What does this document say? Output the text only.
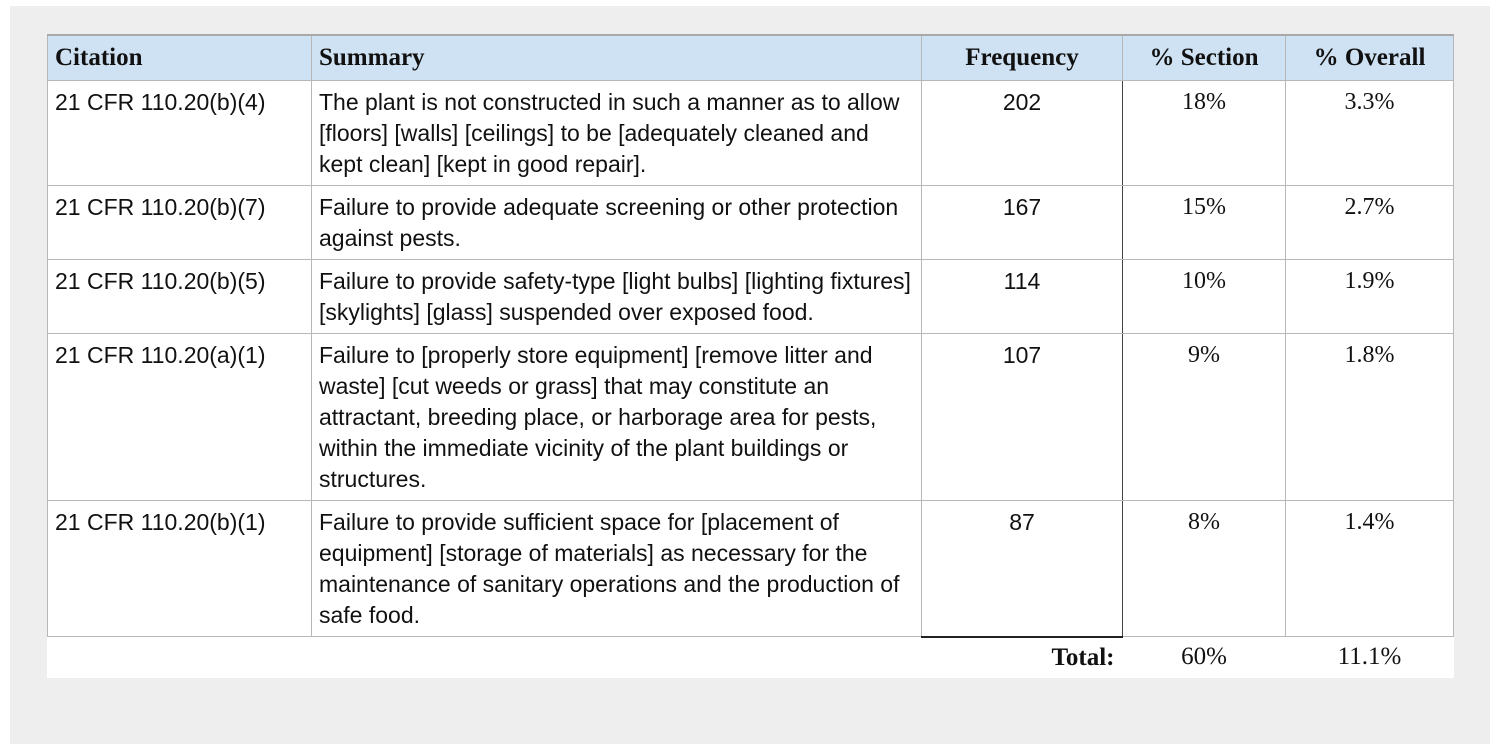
Citation	Summary	Frequency	% Section	% Overall
21 CFR 110.20(b)(4)	The plant is not constructed in such a manner as to allow [floors] [walls] [ceilings] to be [adequately cleaned and kept clean] [kept in good repair].	202	18%	3.3%
21 CFR 110.20(b)(7)	Failure to provide adequate screening or other protection against pests.	167	15%	2.7%
21 CFR 110.20(b)(5)	Failure to provide safety-type [light bulbs] [lighting fixtures] [skylights] [glass] suspended over exposed food.	114	10%	1.9%
21 CFR 110.20(a)(1)	Failure to [properly store equipment] [remove litter and waste] [cut weeds or grass] that may constitute an attractant, breeding place, or harborage area for pests, within the immediate vicinity of the plant buildings or structures.	107	9%	1.8%
21 CFR 110.20(b)(1)	Failure to provide sufficient space for [placement of equipment] [storage of materials] as necessary for the maintenance of sanitary operations and the production of safe food.	87	8%	1.4%
		Total:	60%	11.1%
